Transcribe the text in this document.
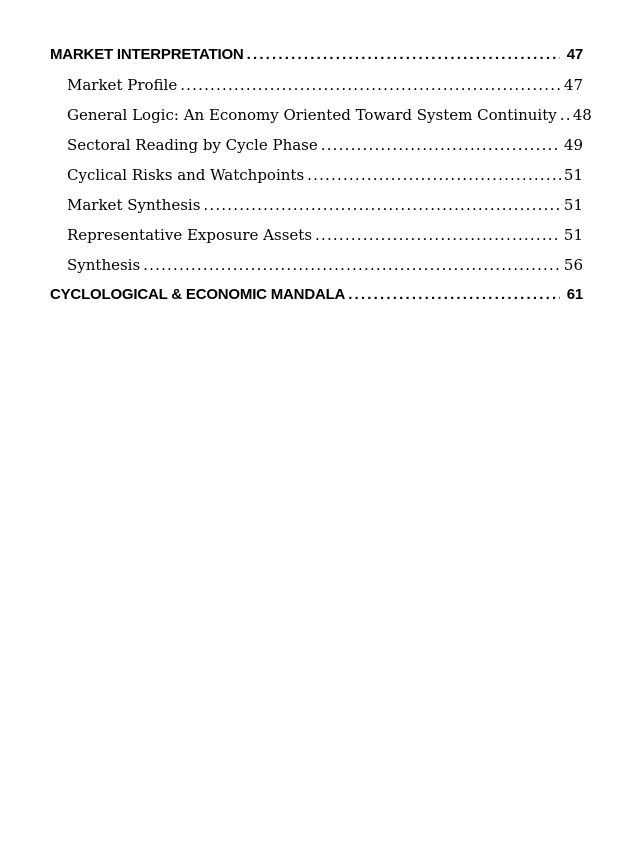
MARKET INTERPRETATION .....	47
Market Profile .....	47
General Logic: An Economy Oriented Toward System Continuity ..... 48
Sectoral Reading by Cycle Phase .....	49
Cyclical Risks and Watchpoints .....	51
Market Synthesis .....	51
Representative Exposure Assets .....	51
Synthesis .....	56
CYCLOLOGICAL & ECONOMIC MANDALA .....	61
